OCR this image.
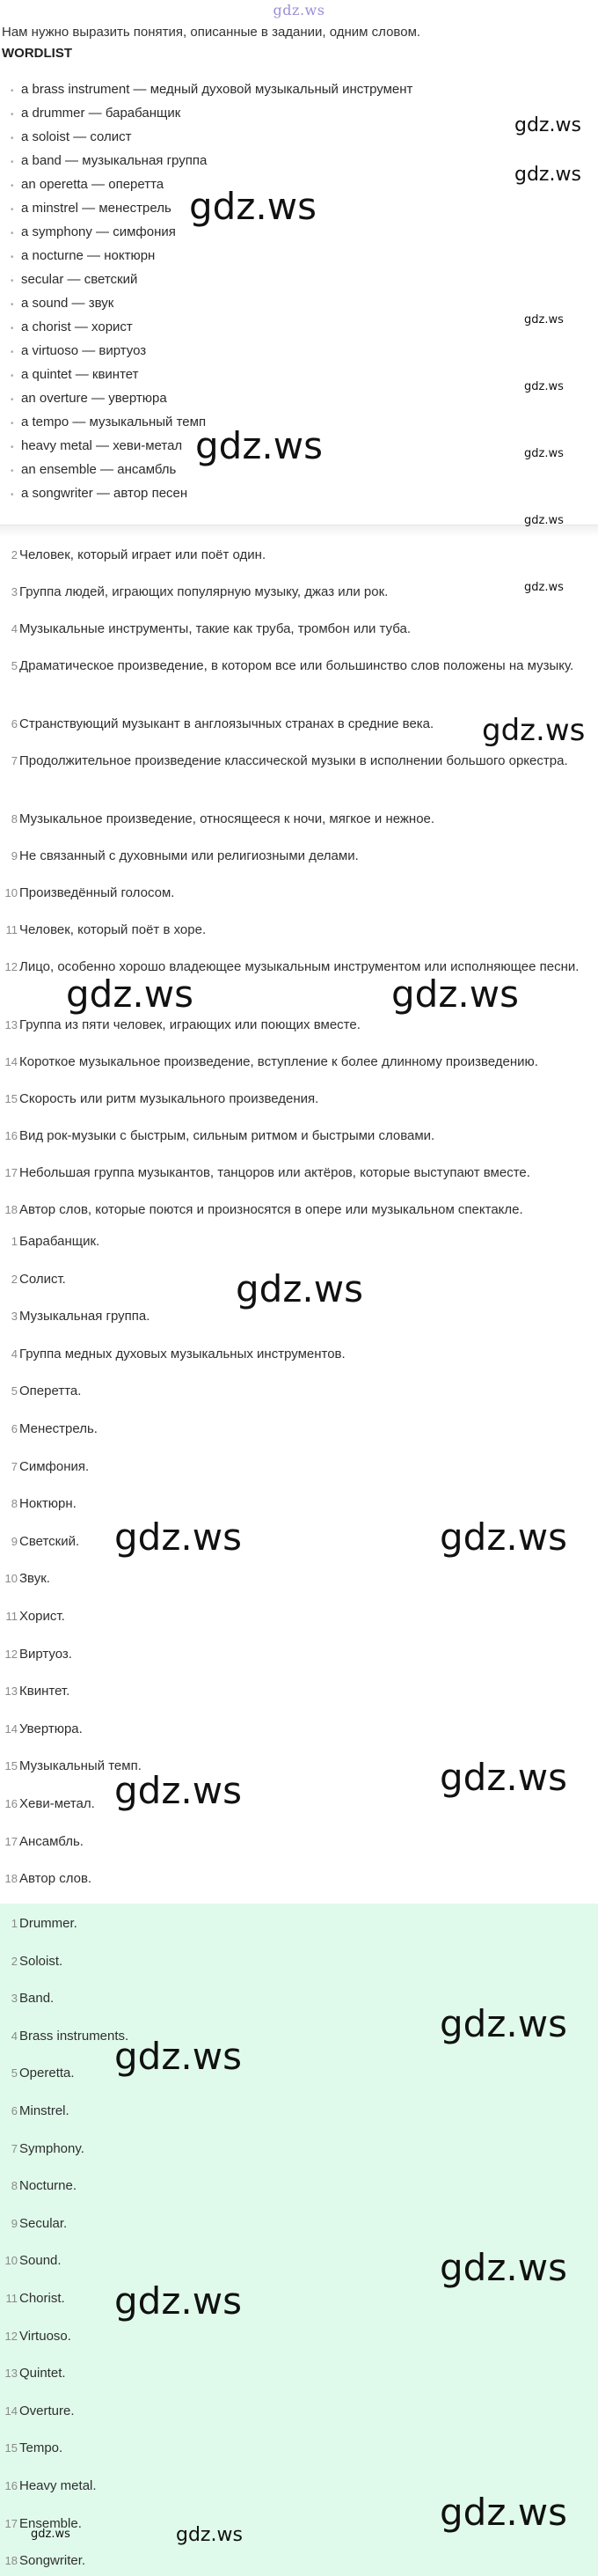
gdz.ws
Нам нужно выразить понятия, описанные в задании, одним словом.
WORDLIST
• a brass instrument — медный духовой музыкальный инструмент
• a drummer — барабанщик
• a soloist — солист
• a band — музыкальная группа
• an operetta — оперетта
• a minstrel — менестрель
• a symphony — симфония
• a nocturne — ноктюрн
• secular — светский
• a sound — звук
• a chorist — хорист
• a virtuoso — виртуоз
• a quintet — квинтет
• an overture — увертюра
• a tempo — музыкальный темп
• heavy metal — хеви-метал
• an ensemble — ансамбль
• a songwriter — автор песен
2 Человек, который играет или поёт один.
3 Группа людей, играющих популярную музыку, джаз или рок.
4 Музыкальные инструменты, такие как труба, тромбон или туба.
5 Драматическое произведение, в котором все или большинство слов положены на музыку.
6 Странствующий музыкант в англоязычных странах в средние века.
7 Продолжительное произведение классической музыки в исполнении большого оркестра.
8 Музыкальное произведение, относящееся к ночи, мягкое и нежное.
9 Не связанный с духовными или религиозными делами.
10 Произведённый голосом.
11 Человек, который поёт в хоре.
12 Лицо, особенно хорошо владеющее музыкальным инструментом или исполняющее песни.
13 Группа из пяти человек, играющих или поющих вместе.
14 Короткое музыкальное произведение, вступление к более длинному произведению.
15 Скорость или ритм музыкального произведения.
16 Вид рок-музыки с быстрым, сильным ритмом и быстрыми словами.
17 Небольшая группа музыкантов, танцоров или актёров, которые выступают вместе.
18 Автор слов, которые поются и произносятся в опере или музыкальном спектакле.
1 Барабанщик.
2 Солист.
3 Музыкальная группа.
4 Группа медных духовых музыкальных инструментов.
5 Оперетта.
6 Менестрель.
7 Симфония.
8 Ноктюрн.
9 Светский.
10 Звук.
11 Хорист.
12 Виртуоз.
13 Квинтет.
14 Увертюра.
15 Музыкальный темп.
16 Хеви-метал.
17 Ансамбль.
18 Автор слов.
1 Drummer.
2 Soloist.
3 Band.
4 Brass instruments.
5 Operetta.
6 Minstrel.
7 Symphony.
8 Nocturne.
9 Secular.
10 Sound.
11 Chorist.
12 Virtuoso.
13 Quintet.
14 Overture.
15 Tempo.
16 Heavy metal.
17 Ensemble.
18 Songwriter.
gdz.ws
gdz.ws
gdz.ws
gdz.ws
gdz.ws
gdz.ws
gdz.ws
gdz.ws
gdz.ws
gdz.ws
gdz.ws	gdz.ws
gdz.ws
gdz.ws	gdz.ws
gdz.ws	gdz.ws
gdz.ws
gdz.ws
gdz.ws
gdz.ws
gdz.ws
gdz.ws
gdz.ws
